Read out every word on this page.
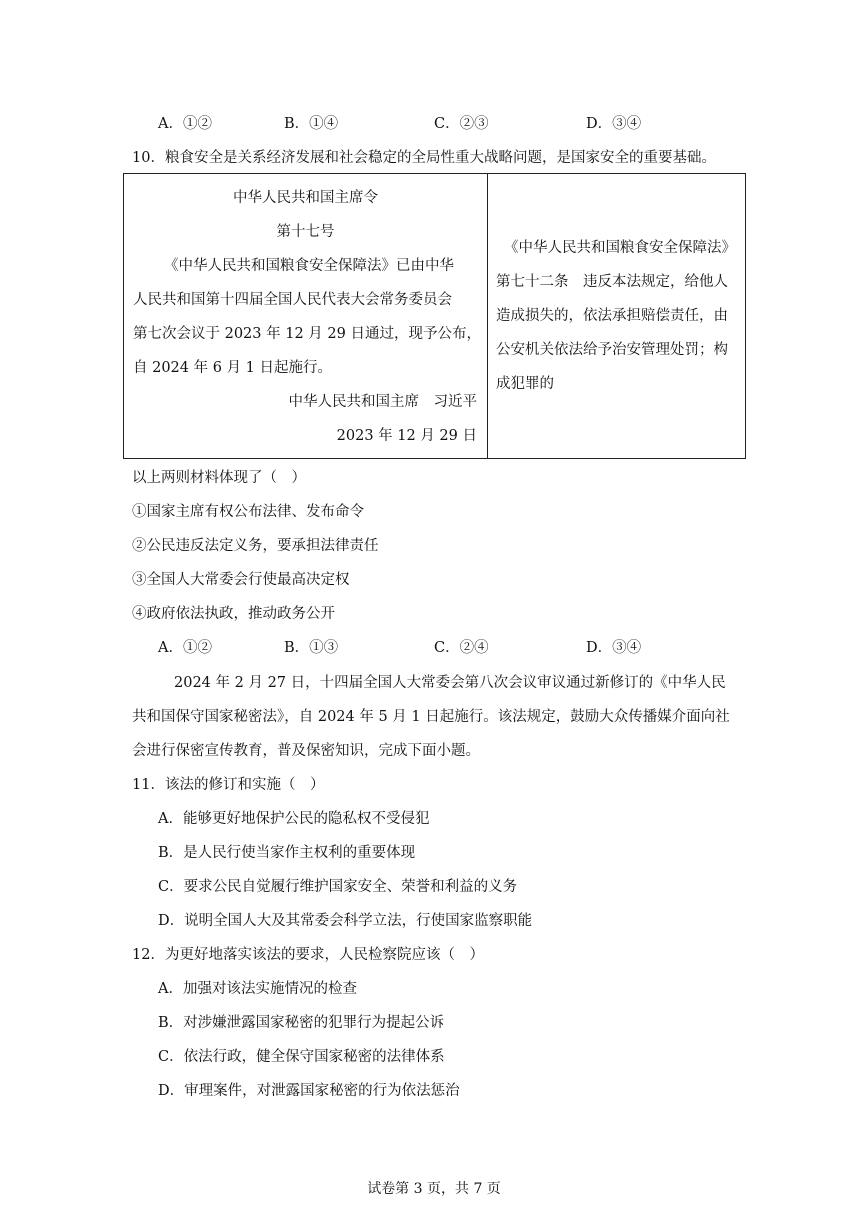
A．①②	B．①④	C．②③	D．③④
10．粮食安全是关系经济发展和社会稳定的全局性重大战略问题，是国家安全的重要基础。
中华人民共和国主席令
第十七号
《中华人民共和国粮食安全保障法》已由中华
人民共和国第十四届全国人民代表大会常务委员会
第七次会议于 2023 年 12 月 29 日通过，现予公布，
自 2024 年 6 月 1 日起施行。
中华人民共和国主席　习近平
2023 年 12 月 29 日

《中华人民共和国粮食安全保障法》
第七十二条　违反本法规定，给他人
造成损失的，依法承担赔偿责任，由
公安机关依法给予治安管理处罚；构
成犯罪的
以上两则材料体现了（　）
①国家主席有权公布法律、发布命令
②公民违反法定义务，要承担法律责任
③全国人大常委会行使最高决定权
④政府依法执政，推动政务公开
A．①②	B．①③	C．②④	D．③④
2024 年 2 月 27 日，十四届全国人大常委会第八次会议审议通过新修订的《中华人民
共和国保守国家秘密法》，自 2024 年 5 月 1 日起施行。该法规定，鼓励大众传播媒介面向社
会进行保密宣传教育，普及保密知识，完成下面小题。
11．该法的修订和实施（　）
A．能够更好地保护公民的隐私权不受侵犯
B．是人民行使当家作主权利的重要体现
C．要求公民自觉履行维护国家安全、荣誉和利益的义务
D．说明全国人大及其常委会科学立法，行使国家监察职能
12．为更好地落实该法的要求，人民检察院应该（　）
A．加强对该法实施情况的检查
B．对涉嫌泄露国家秘密的犯罪行为提起公诉
C．依法行政，健全保守国家秘密的法律体系
D．审理案件，对泄露国家秘密的行为依法惩治
试卷第 3 页，共 7 页
